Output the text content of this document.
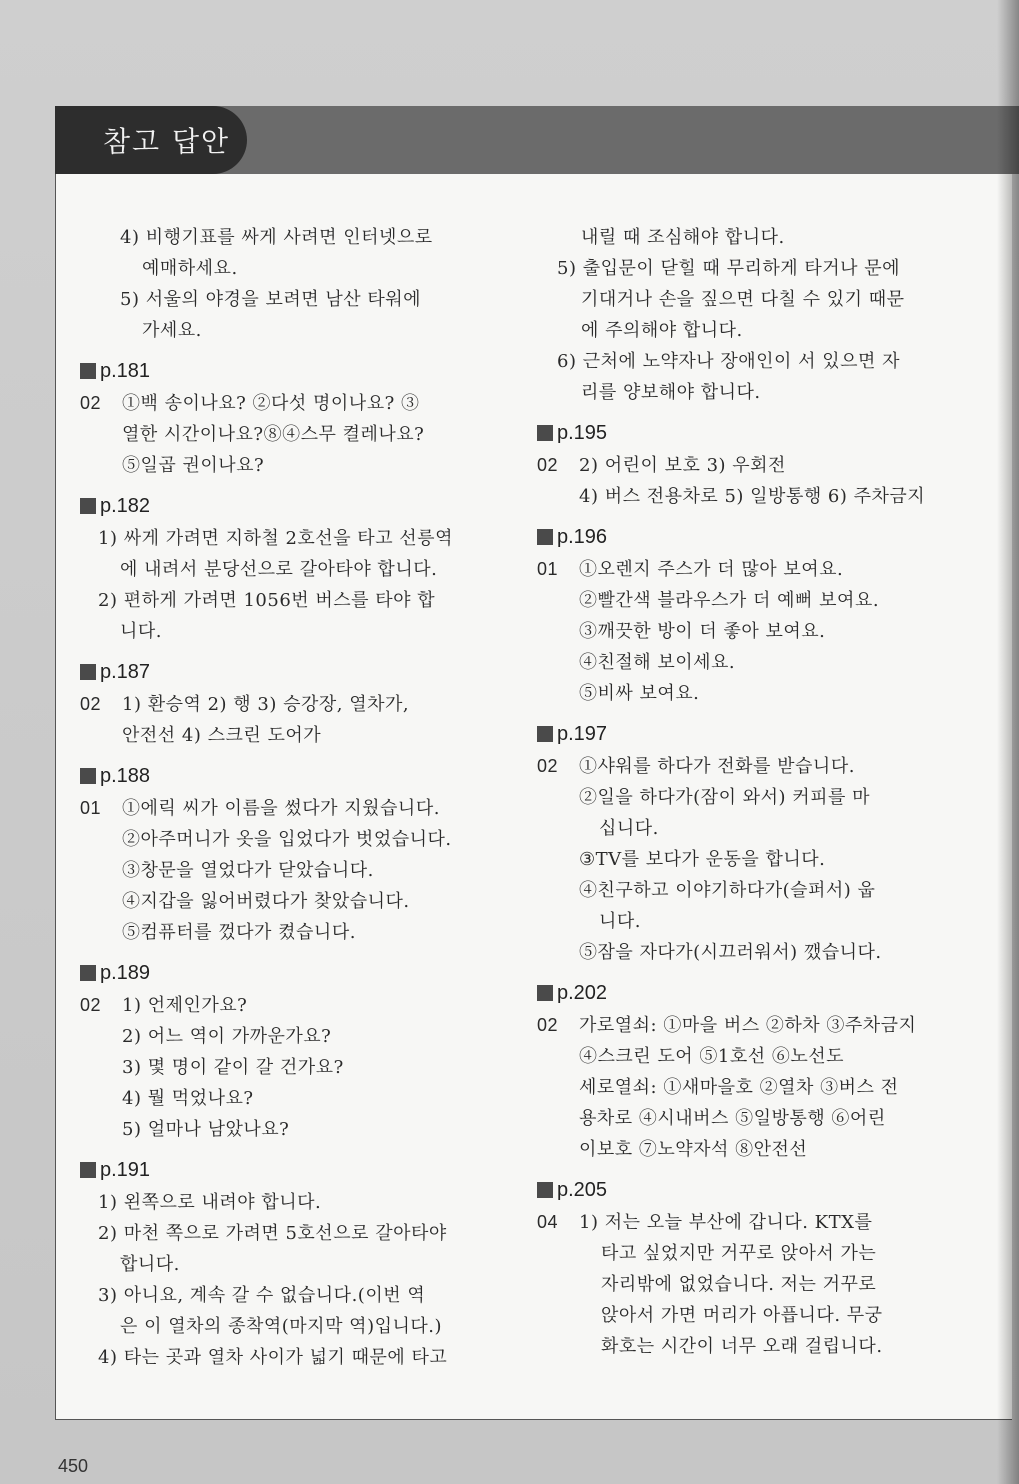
참고 답안
4) 비행기표를 싸게 사려면 인터넷으로
예매하세요.
5) 서울의 야경을 보려면 남산 타워에
가세요.
p.181
02 ①백 송이나요? ②다섯 명이나요? ③
열한 시간이나요?⑧④스무 켤레나요?
⑤일곱 권이나요?
p.182
1) 싸게 가려면 지하철 2호선을 타고 선릉역
에 내려서 분당선으로 갈아타야 합니다.
2) 편하게 가려면 1056번 버스를 타야 합
니다.
p.187
02 1) 환승역 2) 행 3) 승강장, 열차가,
안전선 4) 스크린 도어가
p.188
01 ①에릭 씨가 이름을 썼다가 지웠습니다.
②아주머니가 옷을 입었다가 벗었습니다.
③창문을 열었다가 닫았습니다.
④지갑을 잃어버렸다가 찾았습니다.
⑤컴퓨터를 껐다가 켰습니다.
p.189
02 1) 언제인가요?
2) 어느 역이 가까운가요?
3) 몇 명이 같이 갈 건가요?
4) 뭘 먹었나요?
5) 얼마나 남았나요?
p.191
1) 왼쪽으로 내려야 합니다.
2) 마천 쪽으로 가려면 5호선으로 갈아타야
합니다.
3) 아니요, 계속 갈 수 없습니다.(이번 역
은 이 열차의 종착역(마지막 역)입니다.)
4) 타는 곳과 열차 사이가 넓기 때문에 타고
내릴 때 조심해야 합니다.
5) 출입문이 닫힐 때 무리하게 타거나 문에
기대거나 손을 짚으면 다칠 수 있기 때문
에 주의해야 합니다.
6) 근처에 노약자나 장애인이 서 있으면 자
리를 양보해야 합니다.
p.195
02 2) 어린이 보호 3) 우회전
4) 버스 전용차로 5) 일방통행 6) 주차금지
p.196
01 ①오렌지 주스가 더 많아 보여요.
②빨간색 블라우스가 더 예뻐 보여요.
③깨끗한 방이 더 좋아 보여요.
④친절해 보이세요.
⑤비싸 보여요.
p.197
02 ①샤워를 하다가 전화를 받습니다.
②일을 하다가(잠이 와서) 커피를 마
십니다.
③TV를 보다가 운동을 합니다.
④친구하고 이야기하다가(슬퍼서) 웁
니다.
⑤잠을 자다가(시끄러워서) 깼습니다.
p.202
02 가로열쇠: ①마을 버스 ②하차 ③주차금지
④스크린 도어 ⑤1호선 ⑥노선도
세로열쇠: ①새마을호 ②열차 ③버스 전
용차로 ④시내버스 ⑤일방통행 ⑥어린
이보호 ⑦노약자석 ⑧안전선
p.205
04 1) 저는 오늘 부산에 갑니다. KTX를
타고 싶었지만 거꾸로 앉아서 가는
자리밖에 없었습니다. 저는 거꾸로
앉아서 가면 머리가 아픕니다. 무궁
화호는 시간이 너무 오래 걸립니다.
450
